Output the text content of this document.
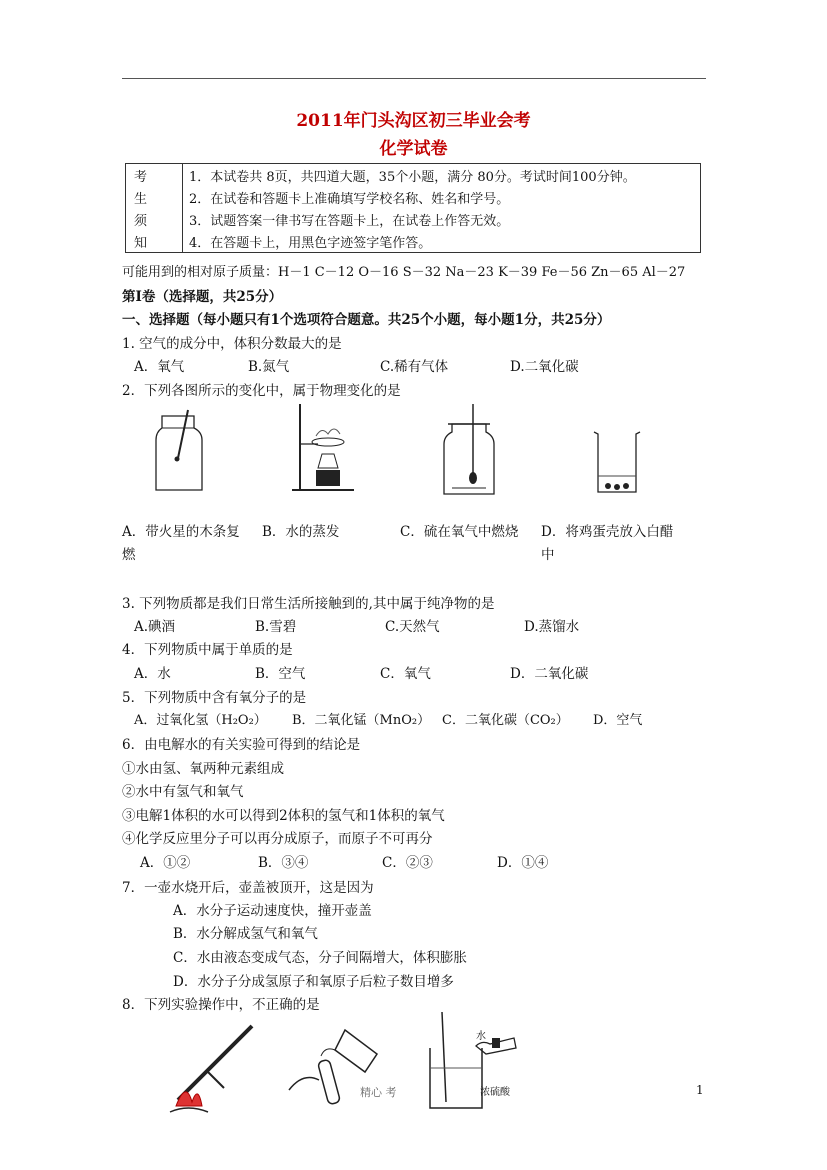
2011年门头沟区初三毕业会考
化学试卷
考	1．本试卷共 8页，共四道大题，35个小题，满分 80分。考试时间100分钟。
生	2．在试卷和答题卡上准确填写学校名称、姓名和学号。
须	3．试题答案一律书写在答题卡上，在试卷上作答无效。
知	4．在答题卡上，用黑色字迹签字笔作答。
可能用到的相对原子质量：H－1 C－12 O－16 S－32 Na－23 K－39 Fe－56 Zn－65 Al－27
第Ⅰ卷（选择题，共25分）
一、选择题（每小题只有1个选项符合题意。共25个小题，每小题1分，共25分）
1. 空气的成分中，体积分数最大的是
A．氧气	B.氮气	C.稀有气体	D.二氧化碳
2．下列各图所示的变化中，属于物理变化的是
A．带火星的木条复
燃
B．水的蒸发	C．硫在氧气中燃烧 D．将鸡蛋壳放入白醋
中
3. 下列物质都是我们日常生活所接触到的,其中属于纯净物的是
A.碘酒	B.雪碧	C.天然气	D.蒸馏水
4．下列物质中属于单质的是
A．水	B．空气	C．氧气	D．二氧化碳
5．下列物质中含有氧分子的是
A．过氧化氢（H₂O₂） B．二氧化锰（MnO₂） C．二氧化碳（CO₂） D．空气
6．由电解水的有关实验可得到的结论是
①水由氢、氧两种元素组成
②水中有氢气和氧气
③电解1体积的水可以得到2体积的氢气和1体积的氧气
④化学反应里分子可以再分成原子，而原子不可再分
A．①②	B．③④	C．②③	D．①④
7．一壶水烧开后，壶盖被顶开，这是因为
A．水分子运动速度快，撞开壶盖
B．水分解成氢气和氧气
C．水由液态变成气态，分子间隔增大，体积膨胀
D．水分子分成氢原子和氧原子后粒子数目增多
8．下列实验操作中，不正确的是
水
浓硫酸
精心 考	1
